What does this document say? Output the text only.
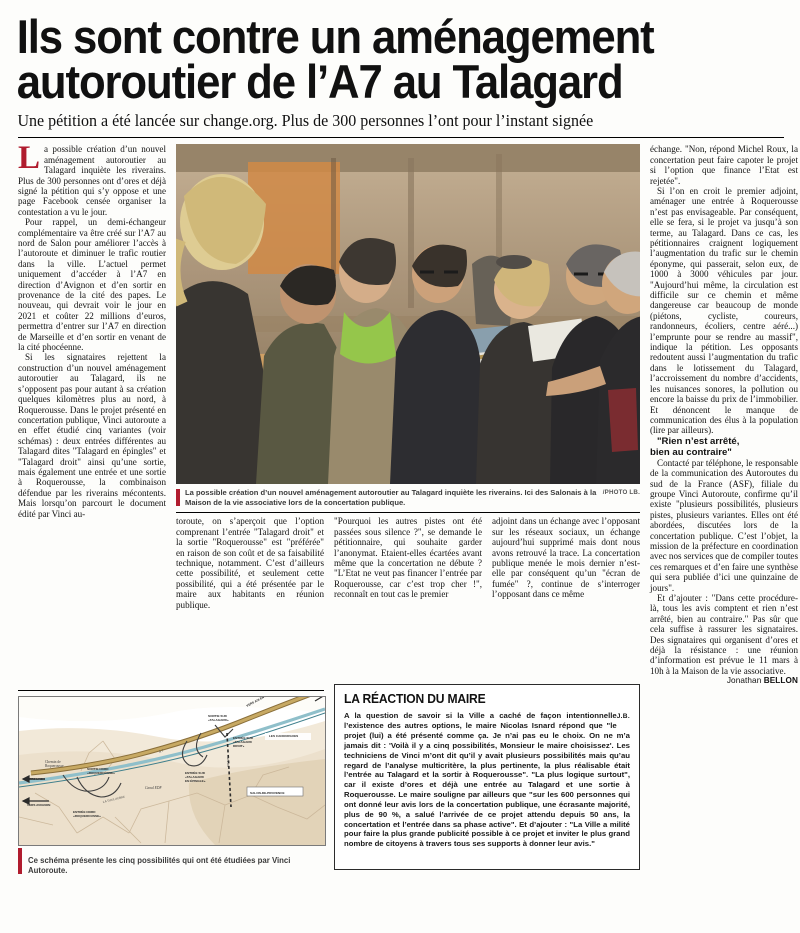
Ils sont contre un aménagement
autoroutier de l’A7 au Talagard
Une pétition a été lancée sur change.org. Plus de 300 personnes l’ont pour l’instant signée
/PHOTO LB.
La possible création d’un nouvel aménagement autoroutier au Talagard inquiète les riverains. Ici des Salonais à la Maison de la vie associative lors de la concertation publique.

La possible création d’un nouvel aménagement autoroutier au Talagard inquiète les riverains. Plus de 300 personnes ont d’ores et déjà signé la pétition qui s’y oppose et une page Facebook censée organiser la contestation a vu le jour.

Pour rappel, un demi-échangeur complémentaire va être créé sur l’A7 au nord de Salon pour améliorer l’accès à l’autoroute et diminuer le trafic routier dans la ville. L’actuel permet uniquement d’accéder à l’A7 en direction d’Avignon et d’en sortir en provenance de la cité des papes. Le nouveau, qui devrait voir le jour en 2021 et coûter 22 millions d’euros, permettra d’entrer sur l’A7 en direction de Marseille et d’en sortir en venant de la cité phocéenne.

Si les signataires rejettent la construction d’un nouvel aménagement autoroutier au Talagard, ils ne s’opposent pas pour autant à sa création quelques kilomètres plus au nord, à Roquerousse. Dans le projet présenté en concertation publique, Vinci autoroute a en effet étudié cinq variantes (voir schémas) : deux entrées différentes au Talagard dites "Talagard en épingles" et "Talagard droit" ainsi qu’une sortie, mais également une entrée et une sortie à Roquerousse, la combinaison défendue par les riverains mécontents. Mais lorsqu’on parcourt le document édité par Vinci au-

toroute, on s’aperçoit que l’option comprenant l’entrée "Talagard droit" et la sortie "Roquerousse" est "préférée" en raison de son coût et de sa faisabilité technique, notamment. C’est d’ailleurs cette possibilité, et seulement cette possibilité, qui a été présentée par le maire aux habitants en réunion publique.

"Pourquoi les autres pistes ont été passées sous silence ?", se demande le pétitionnaire, qui souhaite garder l’anonymat. Etaient-elles écartées avant même que la concertation ne débute ? "L’Etat ne veut pas financer l’entrée par Roquerousse, car c’est trop cher !", reconnaît en tout cas le premier

adjoint dans un échange avec l’opposant sur les réseaux sociaux, un échange aujourd’hui supprimé mais dont nous avons retrouvé la trace. La concertation publique menée le mois dernier n’est-elle par conséquent qu’un "écran de fumée" ?, continue de s’interroger l’opposant dans ce même

échange. "Non, répond Michel Roux, la concertation peut faire capoter le projet si l’option que finance l’Etat est rejetée".

Si l’on en croit le premier adjoint, aménager une entrée à Roquerousse n’est pas envisageable. Par conséquent, elle se fera, si le projet va jusqu’à son terme, au Talagard. Dans ce cas, les pétitionnaires craignent logiquement l’augmentation du trafic sur le chemin éponyme, qui passerait, selon eux, de 1000 à 3000 véhicules par jour. "Aujourd’hui même, la circulation est difficile sur ce chemin et même dangereuse car beaucoup de monde (piétons, cycliste, coureurs, randonneurs, écoliers, centre aéré...) l’emprunte pour se rendre au massif", indique la pétition. Les opposants redoutent aussi l’augmentation du trafic dans le lotissement du Talagard, l’accroissement du nombre d’accidents, les nuisances sonores, la pollution ou encore la baisse du prix de l’immobilier. Et dénoncent le manque de communication des élus à la population (lire par ailleurs).

"Rien n’est arrêté,
bien au contraire"

Contacté par téléphone, le responsable de la communication des Autoroutes du sud de la France (ASF), filiale du groupe Vinci Autoroute, confirme qu’il existe "plusieurs possibilités, plusieurs pistes, plusieurs variantes. Elles ont été abordées, discutées lors de la concertation publique. C’est l’objet, la mission de la préfecture en coordination avec nos services que de compiler toutes ces remarques et d’en faire une synthèse qui sera publiée d’ici une quinzaine de jours".

Et d’ajouter : "Dans cette procédure-là, tous les avis comptent et rien n’est arrêté, bien au contraire." Pas sûr que cela suffise à rassurer les signataires. Des signataires qui organisent d’ores et déjà la résistance : une réunion d’information est prévue le 11 mars à 10h à la Maison de la vie associative.

Jonathan BELLON

SORTIE SUD
«TALAGARD»
ENTRÉE SUD
«TALAGARD
DROIT»
ENTRÉE SUD
«TALAGARD
EN ÉPINGLE»
SORTIE NORD
«ROQUEROUSSE»
ENTRÉE NORD
«ROQUEROUSSE»
LES CANOURGUES
SALON-DE-PROVENCE
VERS LYON
VERS AVIGNON
Chemin de
Roquerousse
Canal EDF
A 7
RD 538
LA TOULOUBRE
Ce schéma présente les cinq possibilités qui ont été étudiées par Vinci Autoroute.
LA RÉACTION DU MAIRE
J.B.
A la question de savoir si la Ville a caché de façon intentionnelle l’existence des autres options, le maire Nicolas Isnard répond que "le projet (lui) a été présenté comme ça. Je n’ai pas eu le choix. On ne m’a jamais dit : 'Voilà il y a cinq possibilités, Monsieur le maire choisissez'. Les techniciens de Vinci m’ont dit qu’il y avait plusieurs possibilités mais qu’au regard de l’analyse multicritère, la plus pertinente, la plus réalisable était l’entrée au Talagard et la sortir à Roquerousse". "La plus logique surtout", car il existe d’ores et déjà une entrée au Talagard et une sortie à Roquerousse. Le maire souligne par ailleurs que "sur les 600 personnes qui ont donné leur avis lors de la concertation publique, une écrasante majorité, plus de 90 %, a salué l’arrivée de ce projet attendu depuis 50 ans, la concertation et l’entrée dans sa phase active". Et d’ajouter : "La Ville a milité pour faire la plus grande publicité possible à ce projet et inviter le plus grand nombre de citoyens à travers tous ses supports à donner leur avis."
